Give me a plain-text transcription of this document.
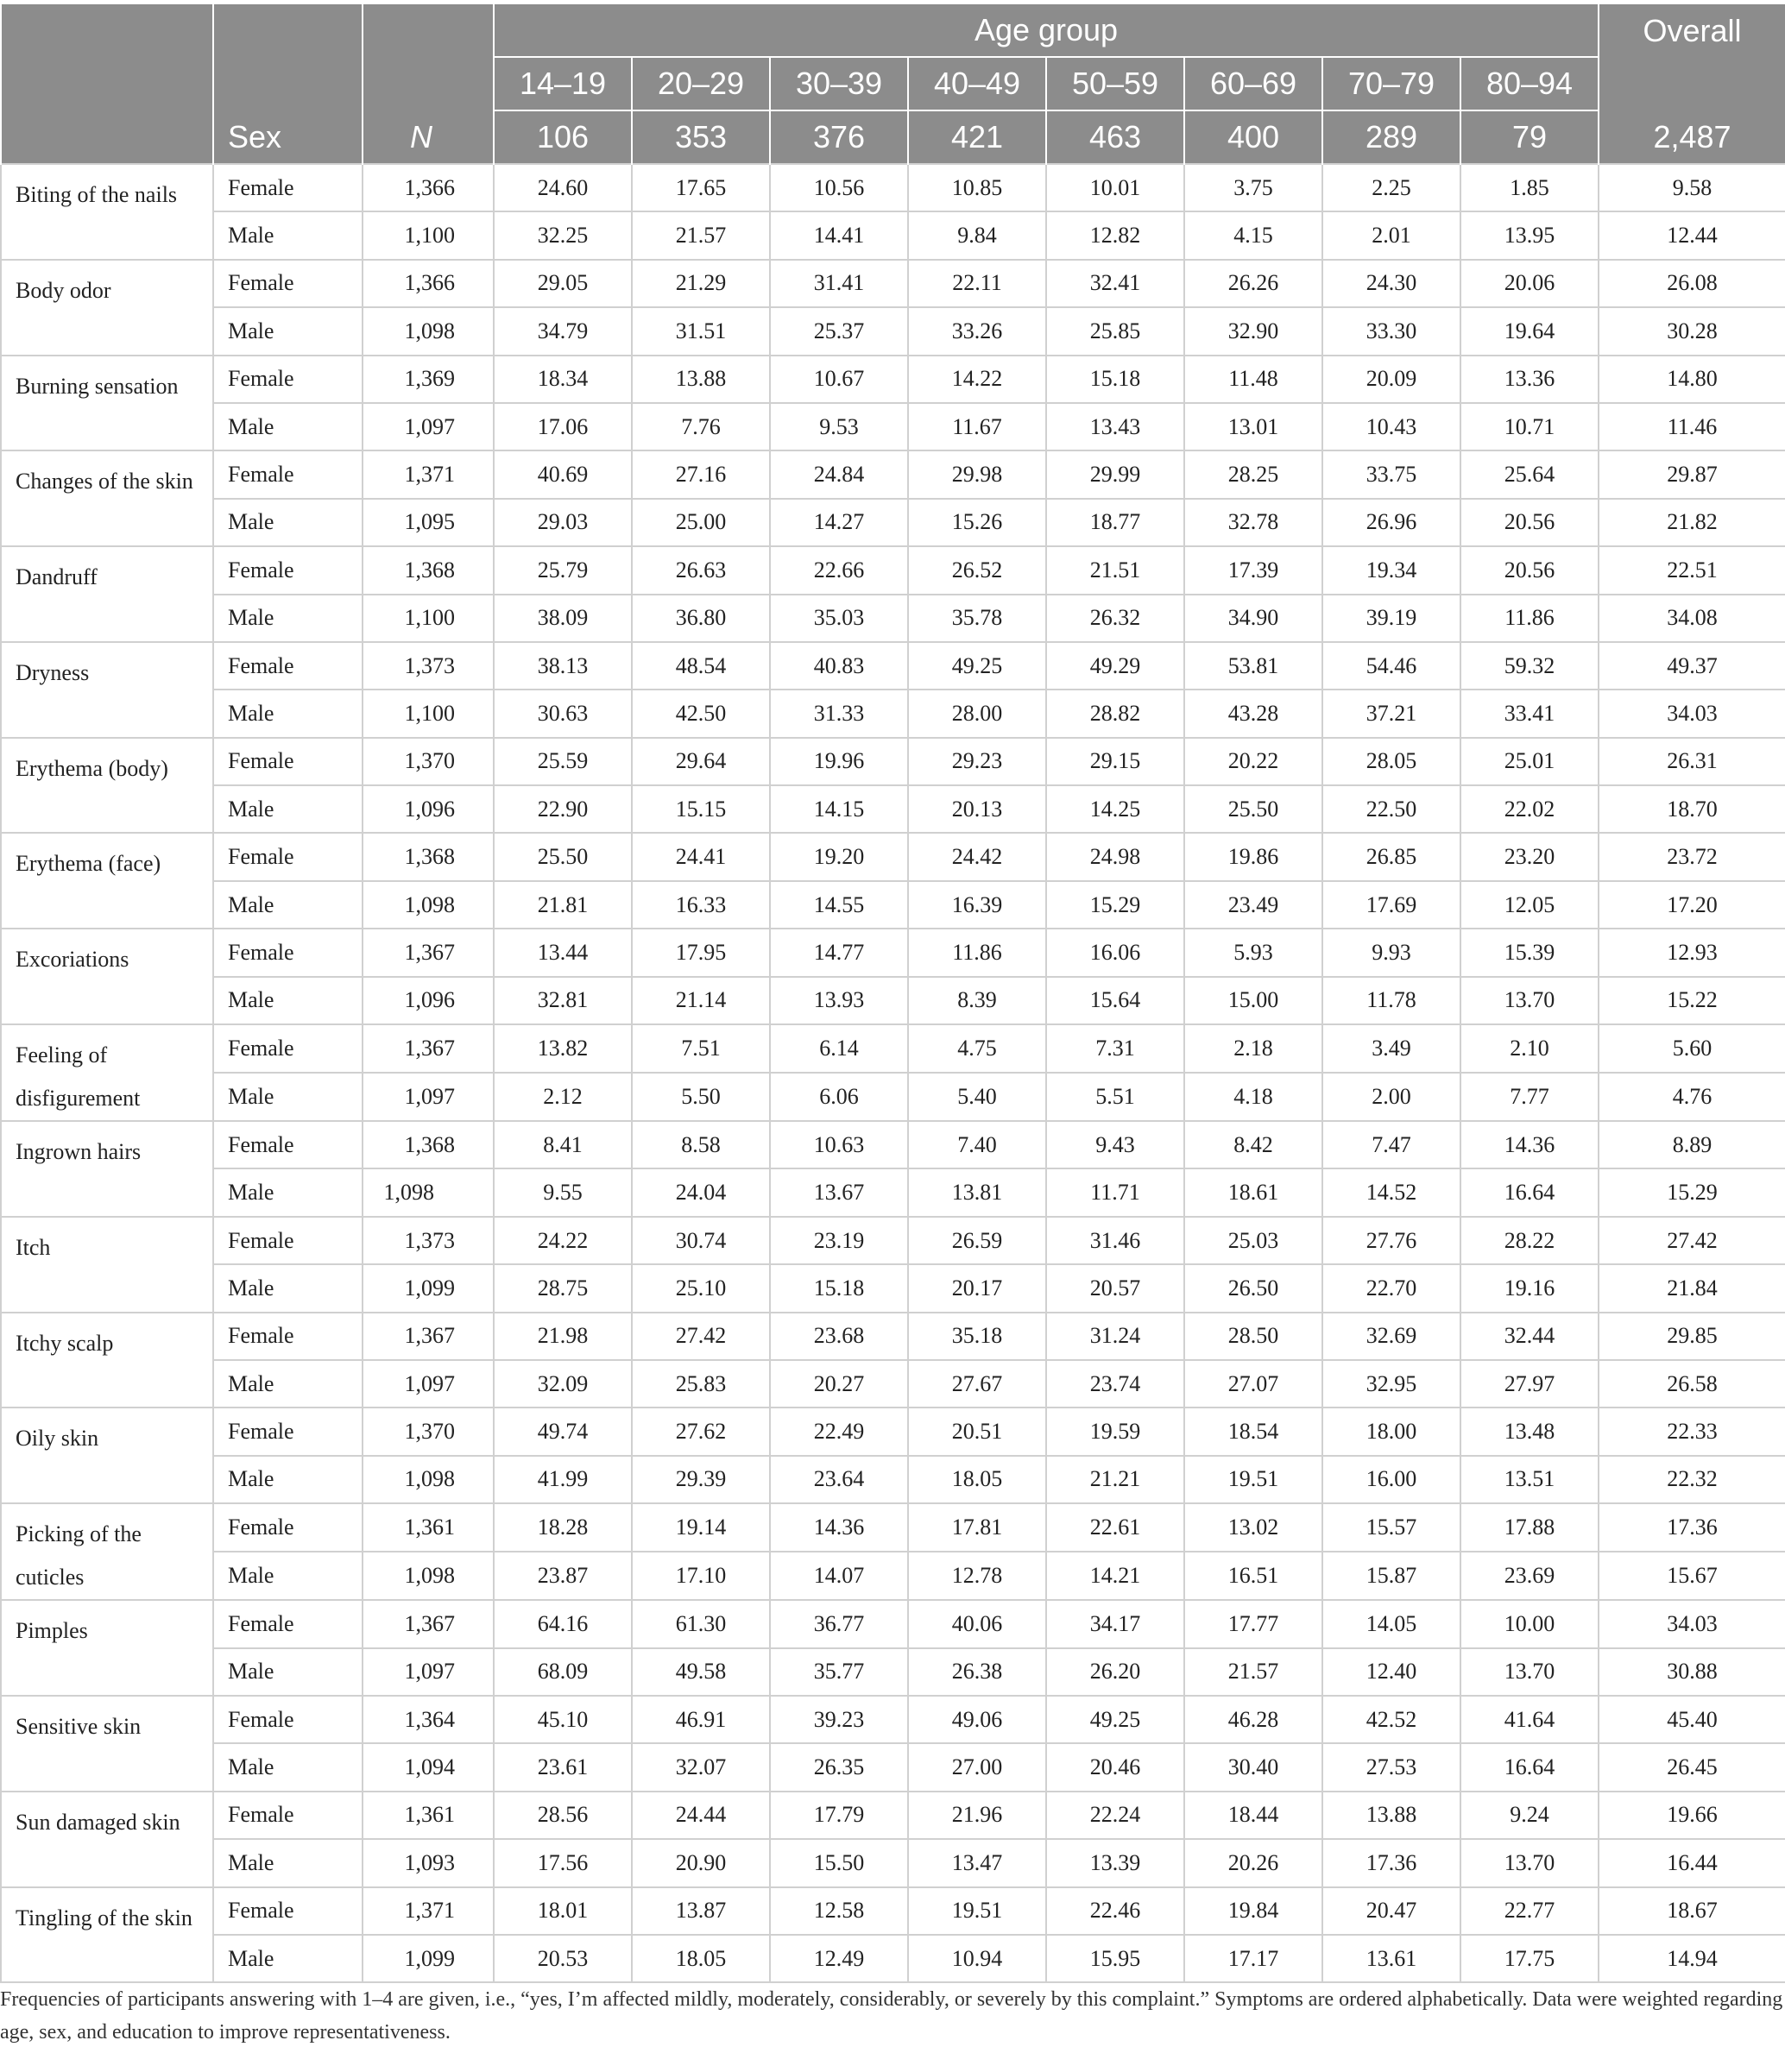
			Age group								Overall
			14–19	20–29	30–39	40–49	50–59	60–69	70–79	80–94	
	Sex	N	106	353	376	421	463	400	289	79	2,487
Biting of the nails	Female	1,366	24.60	17.65	10.56	10.85	10.01	3.75	2.25	1.85	9.58
	Male	1,100	32.25	21.57	14.41	9.84	12.82	4.15	2.01	13.95	12.44
Body odor	Female	1,366	29.05	21.29	31.41	22.11	32.41	26.26	24.30	20.06	26.08
	Male	1,098	34.79	31.51	25.37	33.26	25.85	32.90	33.30	19.64	30.28
Burning sensation	Female	1,369	18.34	13.88	10.67	14.22	15.18	11.48	20.09	13.36	14.80
	Male	1,097	17.06	7.76	9.53	11.67	13.43	13.01	10.43	10.71	11.46
Changes of the skin	Female	1,371	40.69	27.16	24.84	29.98	29.99	28.25	33.75	25.64	29.87
	Male	1,095	29.03	25.00	14.27	15.26	18.77	32.78	26.96	20.56	21.82
Dandruff	Female	1,368	25.79	26.63	22.66	26.52	21.51	17.39	19.34	20.56	22.51
	Male	1,100	38.09	36.80	35.03	35.78	26.32	34.90	39.19	11.86	34.08
Dryness	Female	1,373	38.13	48.54	40.83	49.25	49.29	53.81	54.46	59.32	49.37
	Male	1,100	30.63	42.50	31.33	28.00	28.82	43.28	37.21	33.41	34.03
Erythema (body)	Female	1,370	25.59	29.64	19.96	29.23	29.15	20.22	28.05	25.01	26.31
	Male	1,096	22.90	15.15	14.15	20.13	14.25	25.50	22.50	22.02	18.70
Erythema (face)	Female	1,368	25.50	24.41	19.20	24.42	24.98	19.86	26.85	23.20	23.72
	Male	1,098	21.81	16.33	14.55	16.39	15.29	23.49	17.69	12.05	17.20
Excoriations	Female	1,367	13.44	17.95	14.77	11.86	16.06	5.93	9.93	15.39	12.93
	Male	1,096	32.81	21.14	13.93	8.39	15.64	15.00	11.78	13.70	15.22
Feeling of disfigurement	Female	1,367	13.82	7.51	6.14	4.75	7.31	2.18	3.49	2.10	5.60
	Male	1,097	2.12	5.50	6.06	5.40	5.51	4.18	2.00	7.77	4.76
Ingrown hairs	Female	1,368	8.41	8.58	10.63	7.40	9.43	8.42	7.47	14.36	8.89
	Male	1,098	9.55	24.04	13.67	13.81	11.71	18.61	14.52	16.64	15.29
Itch	Female	1,373	24.22	30.74	23.19	26.59	31.46	25.03	27.76	28.22	27.42
	Male	1,099	28.75	25.10	15.18	20.17	20.57	26.50	22.70	19.16	21.84
Itchy scalp	Female	1,367	21.98	27.42	23.68	35.18	31.24	28.50	32.69	32.44	29.85
	Male	1,097	32.09	25.83	20.27	27.67	23.74	27.07	32.95	27.97	26.58
Oily skin	Female	1,370	49.74	27.62	22.49	20.51	19.59	18.54	18.00	13.48	22.33
	Male	1,098	41.99	29.39	23.64	18.05	21.21	19.51	16.00	13.51	22.32
Picking of the cuticles	Female	1,361	18.28	19.14	14.36	17.81	22.61	13.02	15.57	17.88	17.36
	Male	1,098	23.87	17.10	14.07	12.78	14.21	16.51	15.87	23.69	15.67
Pimples	Female	1,367	64.16	61.30	36.77	40.06	34.17	17.77	14.05	10.00	34.03
	Male	1,097	68.09	49.58	35.77	26.38	26.20	21.57	12.40	13.70	30.88
Sensitive skin	Female	1,364	45.10	46.91	39.23	49.06	49.25	46.28	42.52	41.64	45.40
	Male	1,094	23.61	32.07	26.35	27.00	20.46	30.40	27.53	16.64	26.45
Sun damaged skin	Female	1,361	28.56	24.44	17.79	21.96	22.24	18.44	13.88	9.24	19.66
	Male	1,093	17.56	20.90	15.50	13.47	13.39	20.26	17.36	13.70	16.44
Tingling of the skin	Female	1,371	18.01	13.87	12.58	19.51	22.46	19.84	20.47	22.77	18.67
	Male	1,099	20.53	18.05	12.49	10.94	15.95	17.17	13.61	17.75	14.94

Frequencies of participants answering with 1–4 are given, i.e., “yes, I’m affected mildly, moderately, considerably, or severely by this complaint.” Symptoms are ordered alphabetically. Data were weighted regarding age, sex, and education to improve representativeness.
